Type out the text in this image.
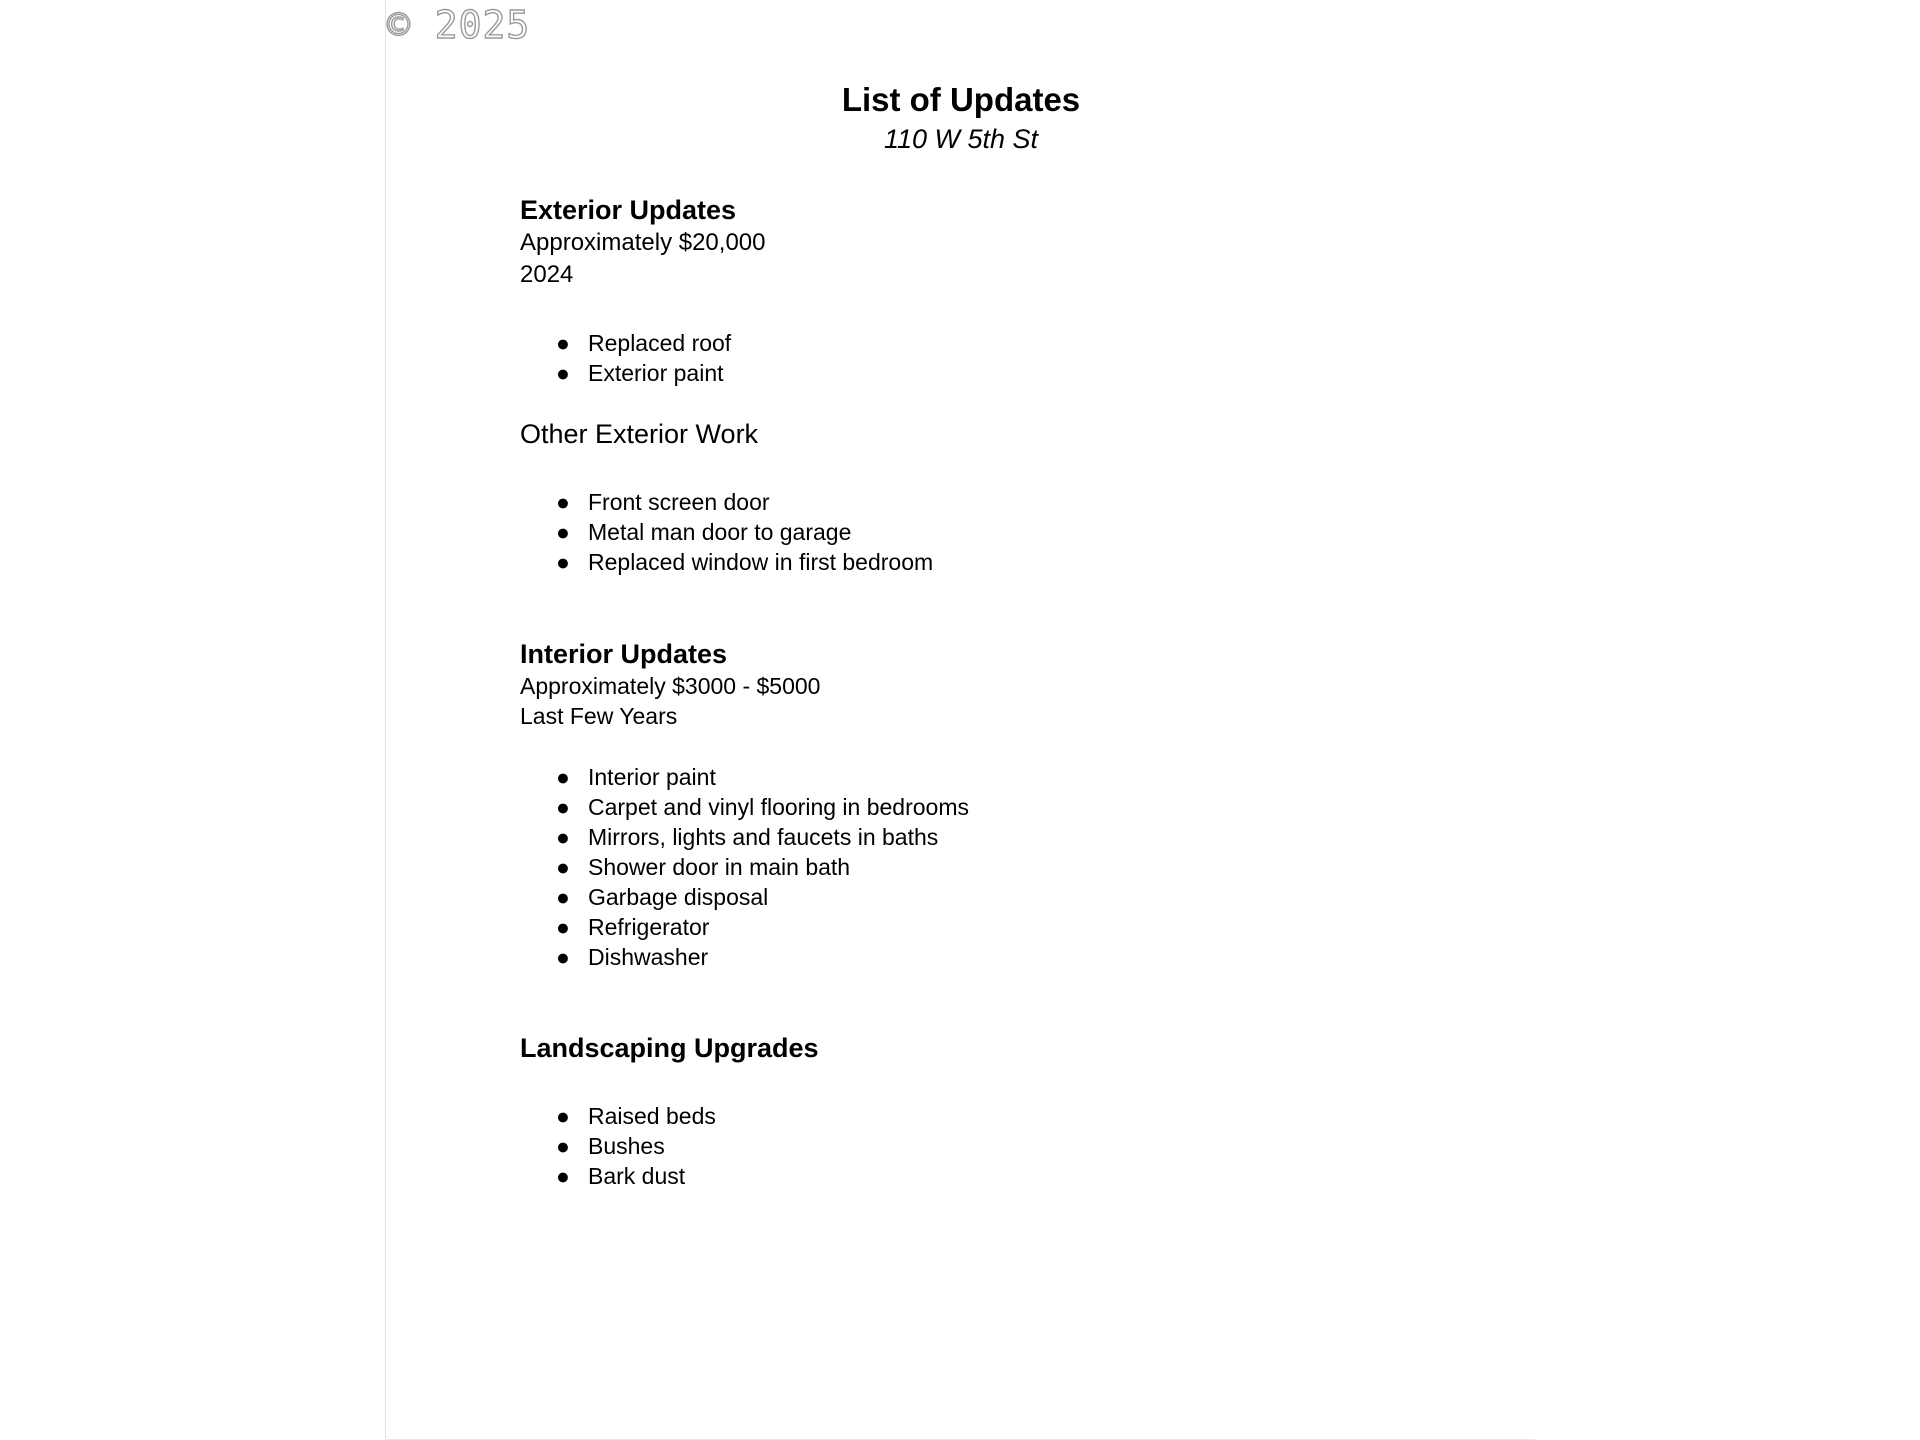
© 2025
List of Updates
110 W 5th St
Exterior Updates
Approximately $20,000
2024
● Replaced roof
● Exterior paint
Other Exterior Work
● Front screen door
● Metal man door to garage
● Replaced window in first bedroom
Interior Updates
Approximately $3000 - $5000
Last Few Years
● Interior paint
● Carpet and vinyl flooring in bedrooms
● Mirrors, lights and faucets in baths
● Shower door in main bath
● Garbage disposal
● Refrigerator
● Dishwasher
Landscaping Upgrades
● Raised beds
● Bushes
● Bark dust
